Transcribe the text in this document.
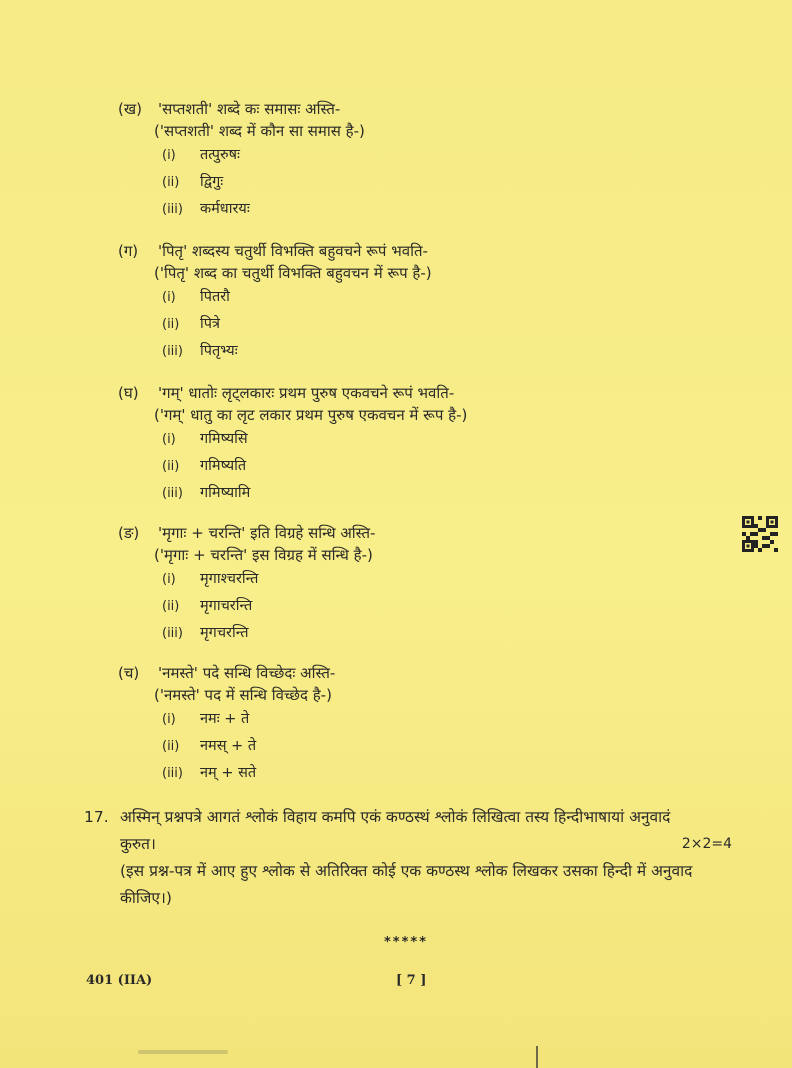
(ख) 'सप्तशती' शब्दे कः समासः अस्ति-
('सप्तशती' शब्द में कौन सा समास है-)
(i) तत्पुरुषः
(ii) द्विगुः
(iii) कर्मधारयः
(ग) 'पितृ' शब्दस्य चतुर्थी विभक्ति बहुवचने रूपं भवति-
('पितृ' शब्द का चतुर्थी विभक्ति बहुवचन में रूप है-)
(i) पितरौ
(ii) पित्रे
(iii) पितृभ्यः
(घ) 'गम्' धातोः लृट्लकारः प्रथम पुरुष एकवचने रूपं भवति-
('गम्' धातु का लृट लकार प्रथम पुरुष एकवचन में रूप है-)
(i) गमिष्यसि
(ii) गमिष्यति
(iii) गमिष्यामि
(ङ) 'मृगाः + चरन्ति' इति विग्रहे सन्धि अस्ति-
('मृगाः + चरन्ति' इस विग्रह में सन्धि है-)
(i) मृगाश्चरन्ति
(ii) मृगाचरन्ति
(iii) मृगचरन्ति
(च) 'नमस्ते' पदे सन्धि विच्छेदः अस्ति-
('नमस्ते' पद में सन्धि विच्छेद है-)
(i) नमः + ते
(ii) नमस् + ते
(iii) नम् + सते
17. अस्मिन् प्रश्नपत्रे आगतं श्लोकं विहाय कमपि एकं कण्ठस्थं श्लोकं लिखित्वा तस्य हिन्दीभाषायां अनुवादं
कुरुत।
(इस प्रश्न-पत्र में आए हुए श्लोक से अतिरिक्त कोई एक कण्ठस्थ श्लोक लिखकर उसका हिन्दी में अनुवाद
कीजिए।)
2×2=4
*****
401 (IIA)	[ 7 ]
